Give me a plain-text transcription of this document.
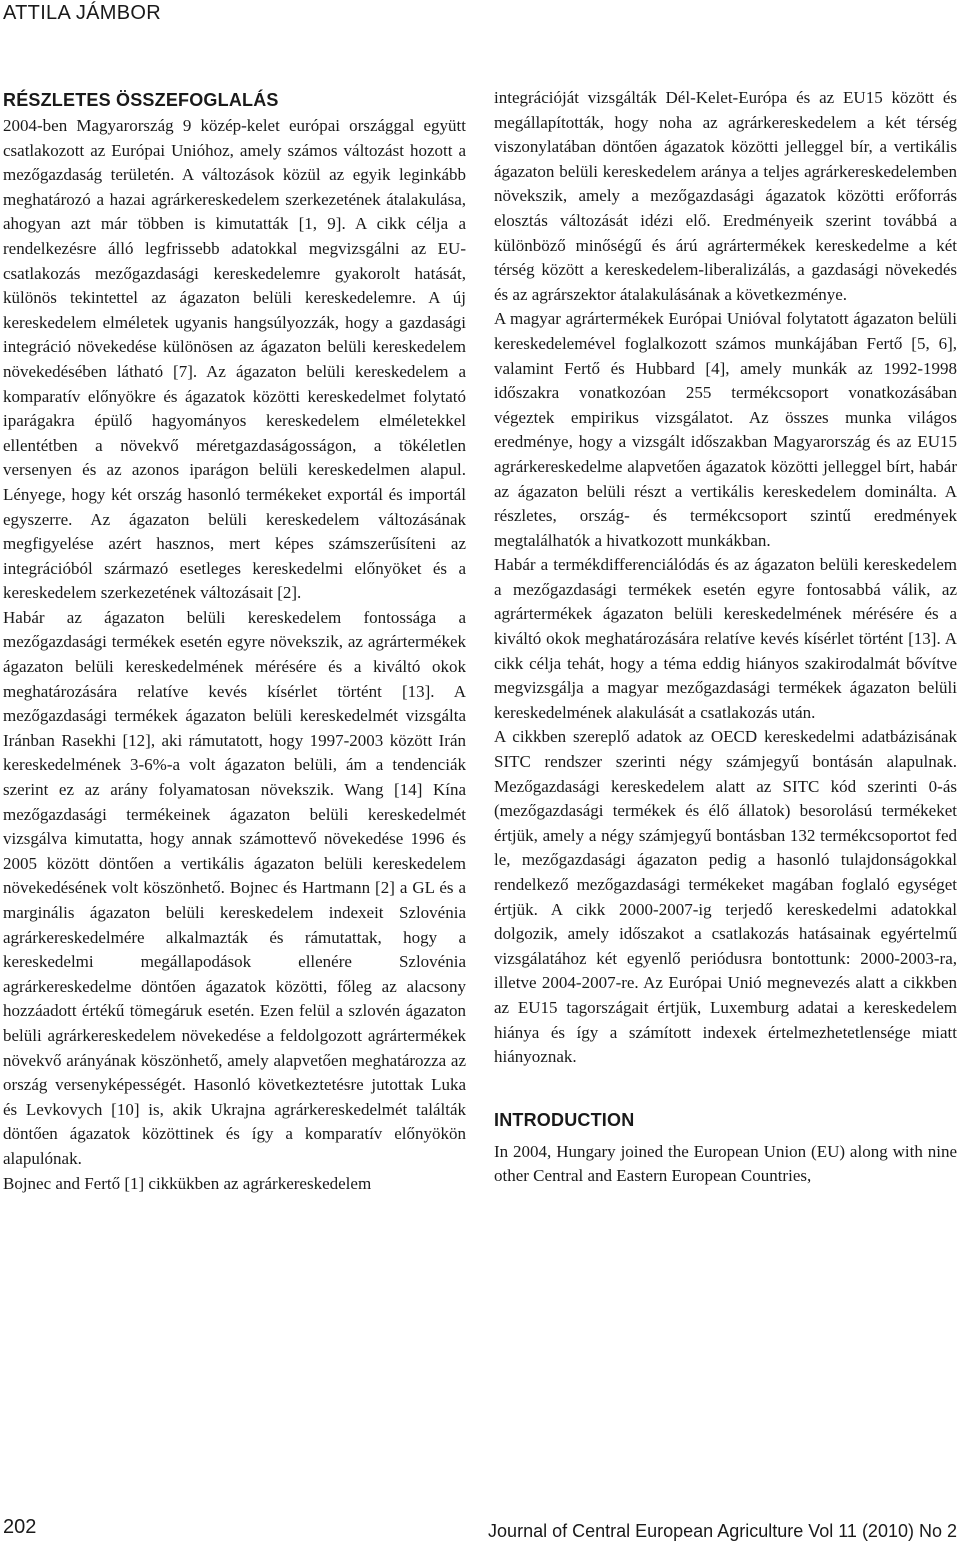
ATTILA JÁMBOR
RÉSZLETES ÖSSZEFOGLALÁS

2004-ben Magyarország 9 közép-kelet európai országgal együtt csatlakozott az Európai Unióhoz, amely számos változást hozott a mezőgazdaság területén. A változások közül az egyik leginkább meghatározó a hazai agrárkereskedelem szerkezetének átalakulása, ahogyan azt már többen is kimutatták [1, 9]. A cikk célja a rendelkezésre álló legfrissebb adatokkal megvizsgálni az EU-csatlakozás mezőgazdasági kereskedelemre gyakorolt hatását, különös tekintettel az ágazaton belüli kereskedelemre. A új kereskedelem elméletek ugyanis hangsúlyozzák, hogy a gazdasági integráció növekedése különösen az ágazaton belüli kereskedelem növekedésében látható [7]. Az ágazaton belüli kereskedelem a komparatív előnyökre és ágazatok közötti kereskedelmet folytató iparágakra épülő hagyományos kereskedelem elméletekkel ellentétben a növekvő méretgazdaságosságon, a tökéletlen versenyen és az azonos iparágon belüli kereskedelmen alapul. Lényege, hogy két ország hasonló termékeket exportál és importál egyszerre. Az ágazaton belüli kereskedelem változásának megfigyelése azért hasznos, mert képes számszerűsíteni az integrációból származó esetleges kereskedelmi előnyöket és a kereskedelem szerkezetének változásait [2].

Habár az ágazaton belüli kereskedelem fontossága a mezőgazdasági termékek esetén egyre növekszik, az agrártermékek ágazaton belüli kereskedelmének mérésére és a kiváltó okok meghatározására relatíve kevés kísérlet történt [13]. A mezőgazdasági termékek ágazaton belüli kereskedelmét vizsgálta Iránban Rasekhi [12], aki rámutatott, hogy 1997-2003 között Irán kereskedelmének 3-6%-a volt ágazaton belüli, ám a tendenciák szerint ez az arány folyamatosan növekszik. Wang [14] Kína mezőgazdasági termékeinek ágazaton belüli kereskedelmét vizsgálva kimutatta, hogy annak számottevő növekedése 1996 és 2005 között döntően a vertikális ágazaton belüli kereskedelem növekedésének volt köszönhető. Bojnec és Hartmann [2] a GL és a marginális ágazaton belüli kereskedelem indexeit Szlovénia agrárkereskedelmére alkalmazták és rámutattak, hogy a kereskedelmi megállapodások ellenére Szlovénia agrárkereskedelme döntően ágazatok közötti, főleg az alacsony hozzáadott értékű tömegáruk esetén. Ezen felül a szlovén ágazaton belüli agrárkereskedelem növekedése a feldolgozott agrártermékek növekvő arányának köszönhető, amely alapvetően meghatározza az ország versenyképességét. Hasonló következtetésre jutottak Luka és Levkovych [10] is, akik Ukrajna agrárkereskedelmét találták döntően ágazatok közöttinek és így a komparatív előnyökön alapulónak.

Bojnec and Fertő [1] cikkükben az agrárkereskedelem

integrációját vizsgálták Dél-Kelet-Európa és az EU15 között és megállapították, hogy noha az agrárkereskedelem a két térség viszonylatában döntően ágazatok közötti jelleggel bír, a vertikális ágazaton belüli kereskedelem aránya a teljes agrárkereskedelemben növekszik, amely a mezőgazdasági ágazatok közötti erőforrás elosztás változását idézi elő. Eredményeik szerint továbbá a különböző minőségű és árú agrártermékek kereskedelme a két térség között a kereskedelem-liberalizálás, a gazdasági növekedés és az agrárszektor átalakulásának a következménye.

A magyar agrártermékek Európai Unióval folytatott ágazaton belüli kereskedelemével foglalkozott számos munkájában Fertő [5, 6], valamint Fertő és Hubbard [4], amely munkák az 1992-1998 időszakra vonatkozóan 255 termékcsoport vonatkozásában végeztek empirikus vizsgálatot. Az összes munka világos eredménye, hogy a vizsgált időszakban Magyarország és az EU15 agrárkereskedelme alapvetően ágazatok közötti jelleggel bírt, habár az ágazaton belüli részt a vertikális kereskedelem dominálta. A részletes, ország- és termékcsoport szintű eredmények megtalálhatók a hivatkozott munkákban.

Habár a termékdifferenciálódás és az ágazaton belüli kereskedelem a mezőgazdasági termékek esetén egyre fontosabbá válik, az agrártermékek ágazaton belüli kereskedelmének mérésére és a kiváltó okok meghatározására relatíve kevés kísérlet történt [13]. A cikk célja tehát, hogy a téma eddig hiányos szakirodalmát bővítve megvizsgálja a magyar mezőgazdasági termékek ágazaton belüli kereskedelmének alakulását a csatlakozás után.

A cikkben szereplő adatok az OECD kereskedelmi adatbázisának SITC rendszer szerinti négy számjegyű bontásán alapulnak. Mezőgazdasági kereskedelem alatt az SITC kód szerinti 0-ás (mezőgazdasági termékek és élő állatok) besorolású termékeket értjük, amely a négy számjegyű bontásban 132 termékcsoportot fed le, mezőgazdasági ágazaton pedig a hasonló tulajdonságokkal rendelkező mezőgazdasági termékeket magában foglaló egységet értjük. A cikk 2000-2007-ig terjedő kereskedelmi adatokkal dolgozik, amely időszakot a csatlakozás hatásainak egyértelmű vizsgálatához két egyenlő periódusra bontottunk: 2000-2003-ra, illetve 2004-2007-re. Az Európai Unió megnevezés alatt a cikkben az EU15 tagországait értjük, Luxemburg adatai a kereskedelem hiánya és így a számított indexek értelmezhetetlensége miatt hiányoznak.

INTRODUCTION

In 2004, Hungary joined the European Union (EU) along with nine other Central and Eastern European Countries,

202	Journal of Central European Agriculture Vol 11 (2010) No 2
